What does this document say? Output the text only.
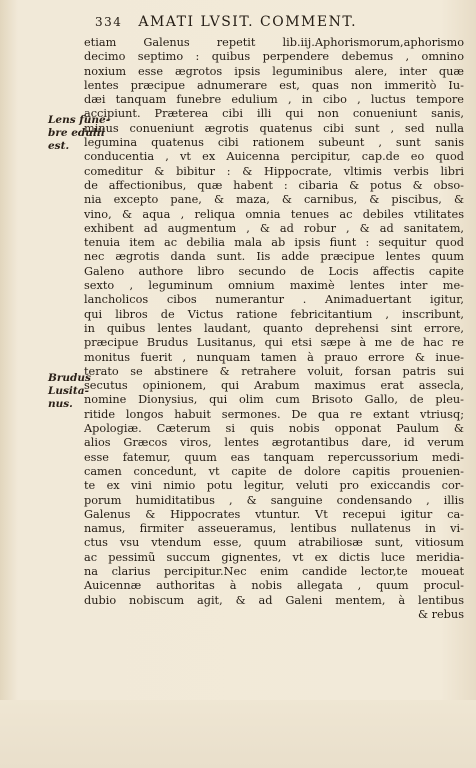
334 AMATI LVSIT. COMMENT.
Lens fune-
bre edulii
est.
Brudus
Lusita-
nus.
etiam Galenus repetit lib.iij.Aphorismorum,aphorismo
decimo septimo : quibus perpendere debemus , omnino
noxium esse ægrotos ipsis leguminibus alere, inter quæ
lentes præcipue adnumerare est, quas non immeritò Iu-
dæi tanquam funebre edulium , in cibo , luctus tempore
accipiunt. Præterea cibi illi qui non conueniunt sanis,
minus conueniunt ægrotis quatenus cibi sunt , sed nulla
legumina quatenus cibi rationem subeunt , sunt sanis
conducentia , vt ex Auicenna percipitur, cap.de eo quod
comeditur & bibitur : & Hippocrate, vltimis verbis libri
de affectionibus, quæ habent : cibaria & potus & obso-
nia excepto pane, & maza, & carnibus, & piscibus, &
vino, & aqua , reliqua omnia tenues ac debiles vtilitates
exhibent ad augmentum , & ad robur , & ad sanitatem,
tenuia item ac debilia mala ab ipsis fiunt : sequitur quod
nec ægrotis danda sunt. Iis adde præcipue lentes quum
Galeno authore libro secundo de Locis affectis capite
sexto , leguminum omnium maximè lentes inter me-
lancholicos cibos numerantur . Animaduertant igitur,
qui libros de Victus ratione febricitantium , inscribunt,
in quibus lentes laudant, quanto deprehensi sint errore,
præcipue Brudus Lusitanus, qui etsi sæpe à me de hac re
monitus fuerit , nunquam tamen à prauo errore & inue-
terato se abstinere & retrahere voluit, forsan patris sui
secutus opinionem, qui Arabum maximus erat assecla,
nomine Dionysius, qui olim cum Brisoto Gallo, de pleu-
ritide longos habuit sermones. De qua re extant vtriusq;
Apologiæ. Cæterum si quis nobis opponat Paulum &
alios Græcos viros, lentes ægrotantibus dare, id verum
esse fatemur, quum eas tanquam repercussorium medi-
camen concedunt, vt capite de dolore capitis prouenien-
te ex vini nimio potu legitur, veluti pro exiccandis cor-
porum humiditatibus , & sanguine condensando , illis
Galenus & Hippocrates vtuntur. Vt recepui igitur ca-
namus, firmiter asseueramus, lentibus nullatenus in vi-
ctus vsu vtendum esse, quum atrabiliosæ sunt, vitiosum
ac pessimũ succum gignentes, vt ex dictis luce meridia-
na clarius percipitur.Nec enim candide lector,te moueat
Auicennæ authoritas à nobis allegata , quum procul-
dubio nobiscum agit, & ad Galeni mentem, à lentibus
& rebus
